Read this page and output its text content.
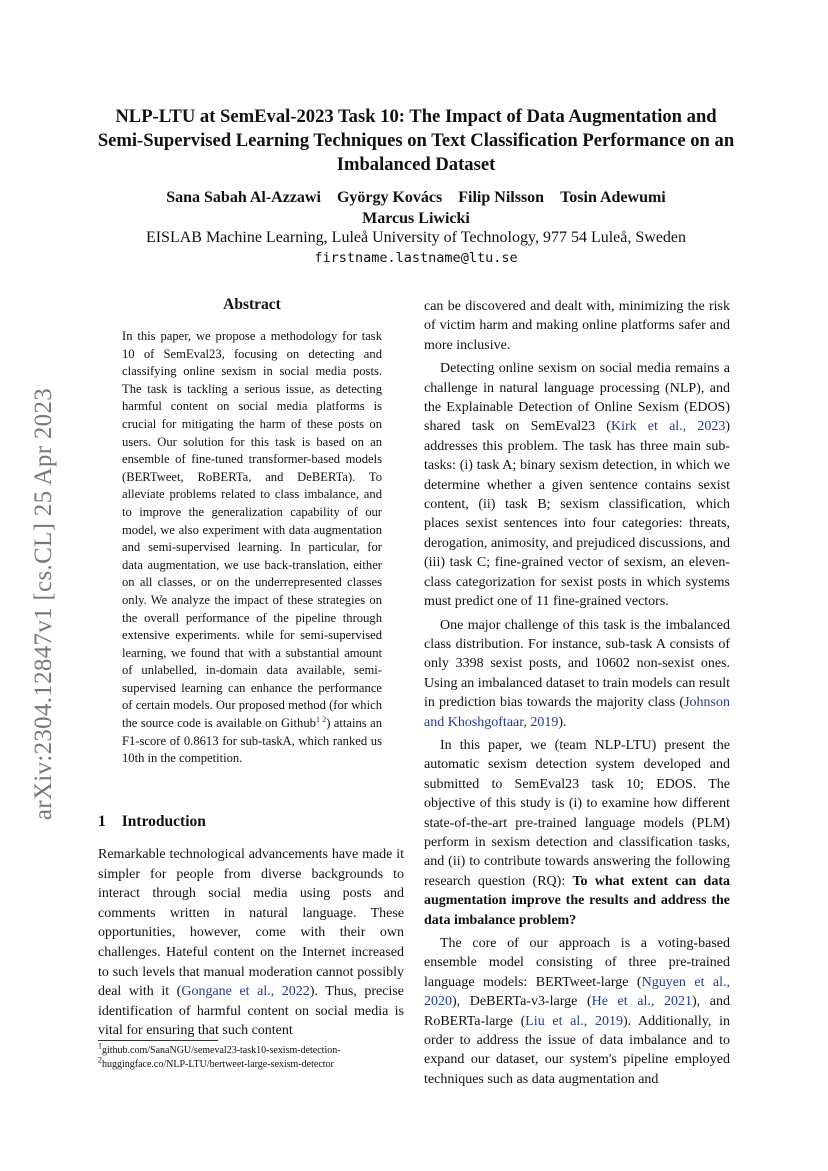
arXiv:2304.12847v1 [cs.CL] 25 Apr 2023
NLP-LTU at SemEval-2023 Task 10: The Impact of Data Augmentation and Semi-Supervised Learning Techniques on Text Classification Performance on an Imbalanced Dataset
Sana Sabah Al-Azzawi György Kovács Filip Nilsson Tosin Adewumi
Marcus Liwicki
EISLAB Machine Learning, Luleå University of Technology, 977 54 Luleå, Sweden
firstname.lastname@ltu.se
Abstract
In this paper, we propose a methodology for task 10 of SemEval23, focusing on detecting and classifying online sexism in social media posts. The task is tackling a serious issue, as detecting harmful content on social media platforms is crucial for mitigating the harm of these posts on users. Our solution for this task is based on an ensemble of fine-tuned transformer-based models (BERTweet, RoBERTa, and DeBERTa). To alleviate problems related to class imbalance, and to improve the generalization capability of our model, we also experiment with data augmentation and semi-supervised learning. In particular, for data augmentation, we use back-translation, either on all classes, or on the underrepresented classes only. We analyze the impact of these strategies on the overall performance of the pipeline through extensive experiments. while for semi-supervised learning, we found that with a substantial amount of unlabelled, in-domain data available, semi-supervised learning can enhance the performance of certain models. Our proposed method (for which the source code is available on Github$^{1 2}$) attains an F1-score of 0.8613 for sub-taskA, which ranked us 10th in the competition.
1 Introduction
Remarkable technological advancements have made it simpler for people from diverse backgrounds to interact through social media using posts and comments written in natural language. These opportunities, however, come with their own challenges. Hateful content on the Internet increased to such levels that manual moderation cannot possibly deal with it (Gongane et al., 2022). Thus, precise identification of harmful content on social media is vital for ensuring that such content
$^1$github.com/SanaNGU/semeval23-task10-sexism-detection-
$^2$huggingface.co/NLP-LTU/bertweet-large-sexism-detector

can be discovered and dealt with, minimizing the risk of victim harm and making online platforms safer and more inclusive.

Detecting online sexism on social media remains a challenge in natural language processing (NLP), and the Explainable Detection of Online Sexism (EDOS) shared task on SemEval23 (Kirk et al., 2023) addresses this problem. The task has three main sub-tasks: (i) task A; binary sexism detection, in which we determine whether a given sentence contains sexist content, (ii) task B; sexism classification, which places sexist sentences into four categories: threats, derogation, animosity, and prejudiced discussions, and (iii) task C; fine-grained vector of sexism, an eleven-class categorization for sexist posts in which systems must predict one of 11 fine-grained vectors.

One major challenge of this task is the imbalanced class distribution. For instance, sub-task A consists of only 3398 sexist posts, and 10602 non-sexist ones. Using an imbalanced dataset to train models can result in prediction bias towards the majority class (Johnson and Khoshgoftaar, 2019).

In this paper, we (team NLP-LTU) present the automatic sexism detection system developed and submitted to SemEval23 task 10; EDOS. The objective of this study is (i) to examine how different state-of-the-art pre-trained language models (PLM) perform in sexism detection and classification tasks, and (ii) to contribute towards answering the following research question (RQ): To what extent can data augmentation improve the results and address the data imbalance problem?

The core of our approach is a voting-based ensemble model consisting of three pre-trained language models: BERTweet-large (Nguyen et al., 2020), DeBERTa-v3-large (He et al., 2021), and RoBERTa-large (Liu et al., 2019). Additionally, in order to address the issue of data imbalance and to expand our dataset, our system's pipeline employed techniques such as data augmentation and
